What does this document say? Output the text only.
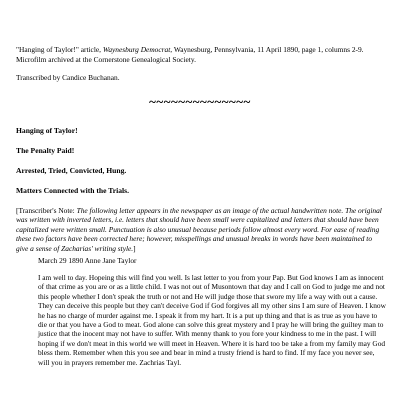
"Hanging of Taylor!" article, Waynesburg Democrat, Waynesburg, Pennsylvania, 11 April 1890, page 1, columns 2-9. Microfilm archived at the Cornerstone Genealogical Society.
Transcribed by Candice Buchanan.
~~~~~~~~~~~~~~
Hanging of Taylor!
The Penalty Paid!
Arrested, Tried, Convicted, Hung.
Matters Connected with the Trials.
[Transcriber's Note: The following letter appears in the newspaper as an image of the actual handwritten note. The original was written with inverted letters, i.e. letters that should have been small were capitalized and letters that should have been capitalized were written small. Punctuation is also unusual because periods follow almost every word. For ease of reading these two factors have been corrected here; however, misspellings and unusual breaks in words have been maintained to give a sense of Zacharias' writing style.]
March 29 1890 Anne Jane Taylor
I am well to day. Hopeing this will find you well. Is last letter to you from your Pap. But God knows I am as innocent of that crime as you are or as a little child. I was not out of Musontown that day and I call on God to judge me and not this people whether I don't speak the truth or not and He will judge those that swore my life a way with out a cause. They can deceive this people but they can't deceive God if God forgives all my other sins I am sure of Heaven. I know he has no charge of murder against me. I speak it from my hart. It is a put up thing and that is as true as you have to die or that you have a God to meat. God alone can solve this great mystery and I pray he will bring the guiltey man to justice that the inocent may not have to suffer. With menny thank to you fore your kindness to me in the past. I will hoping if we don't meat in this world we will meet in Heaven. Where it is hard too be take a from my family may God bless them. Remember when this you see and bear in mind a trusty friend is hard to find. If my face you never see, will you in prayers remember me. Zachrias Tayl.
